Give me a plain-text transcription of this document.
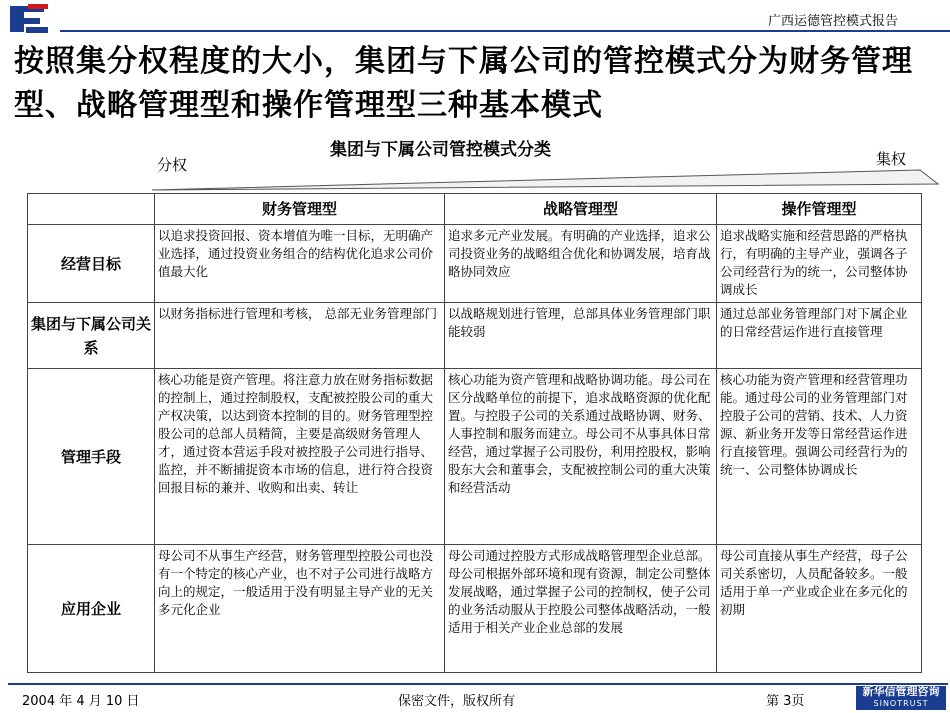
广西运德管控模式报告
按照集分权程度的大小，集团与下属公司的管控模式分为财务管理型、战略管理型和操作管理型三种基本模式
集团与下属公司管控模式分类
分权	集权
	财务管理型	战略管理型	操作管理型
经营目标	以追求投资回报、资本增值为唯一目标，无明确产业选择，通过投资业务组合的结构优化追求公司价值最大化	追求多元产业发展。有明确的产业选择，追求公司投资业务的战略组合优化和协调发展，培育战略协同效应	追求战略实施和经营思路的严格执行，有明确的主导产业，强调各子公司经营行为的统一，公司整体协调成长
集团与下属公司关系	以财务指标进行管理和考核， 总部无业务管理部门	以战略规划进行管理，总部具体业务管理部门职能较弱	通过总部业务管理部门对下属企业的日常经营运作进行直接管理
管理手段	核心功能是资产管理。将注意力放在财务指标数据的控制上，通过控制股权，支配被控股公司的重大产权决策，以达到资本控制的目的。财务管理型控股公司的总部人员精简，主要是高级财务管理人才，通过资本营运手段对被控股子公司进行指导、监控，并不断捕捉资本市场的信息，进行符合投资回报目标的兼并、收购和出卖、转让	核心功能为资产管理和战略协调功能。母公司在区分战略单位的前提下，追求战略资源的优化配置。与控股子公司的关系通过战略协调、财务、人事控制和服务而建立。母公司不从事具体日常经营，通过掌握子公司股份，利用控股权，影响股东大会和董事会，支配被控制公司的重大决策和经营活动	核心功能为资产管理和经营管理功能。通过母公司的业务管理部门对控股子公司的营销、技术、人力资源、新业务开发等日常经营运作进行直接管理。强调公司经营行为的统一、公司整体协调成长
应用企业	母公司不从事生产经营，财务管理型控股公司也没有一个特定的核心产业，也不对子公司进行战略方向上的规定，一般适用于没有明显主导产业的无关多元化企业	母公司通过控股方式形成战略管理型企业总部。母公司根据外部环境和现有资源，制定公司整体发展战略，通过掌握子公司的控制权，使子公司的业务活动服从于控股公司整体战略活动，一般适用于相关产业企业总部的发展	母公司直接从事生产经营，母子公司关系密切，人员配备较多。一般适用于单一产业或企业在多元化的初期
2004 年 4 月 10 日	保密文件，版权所有	第 3页
新华信管理咨询
SINOTRUST
